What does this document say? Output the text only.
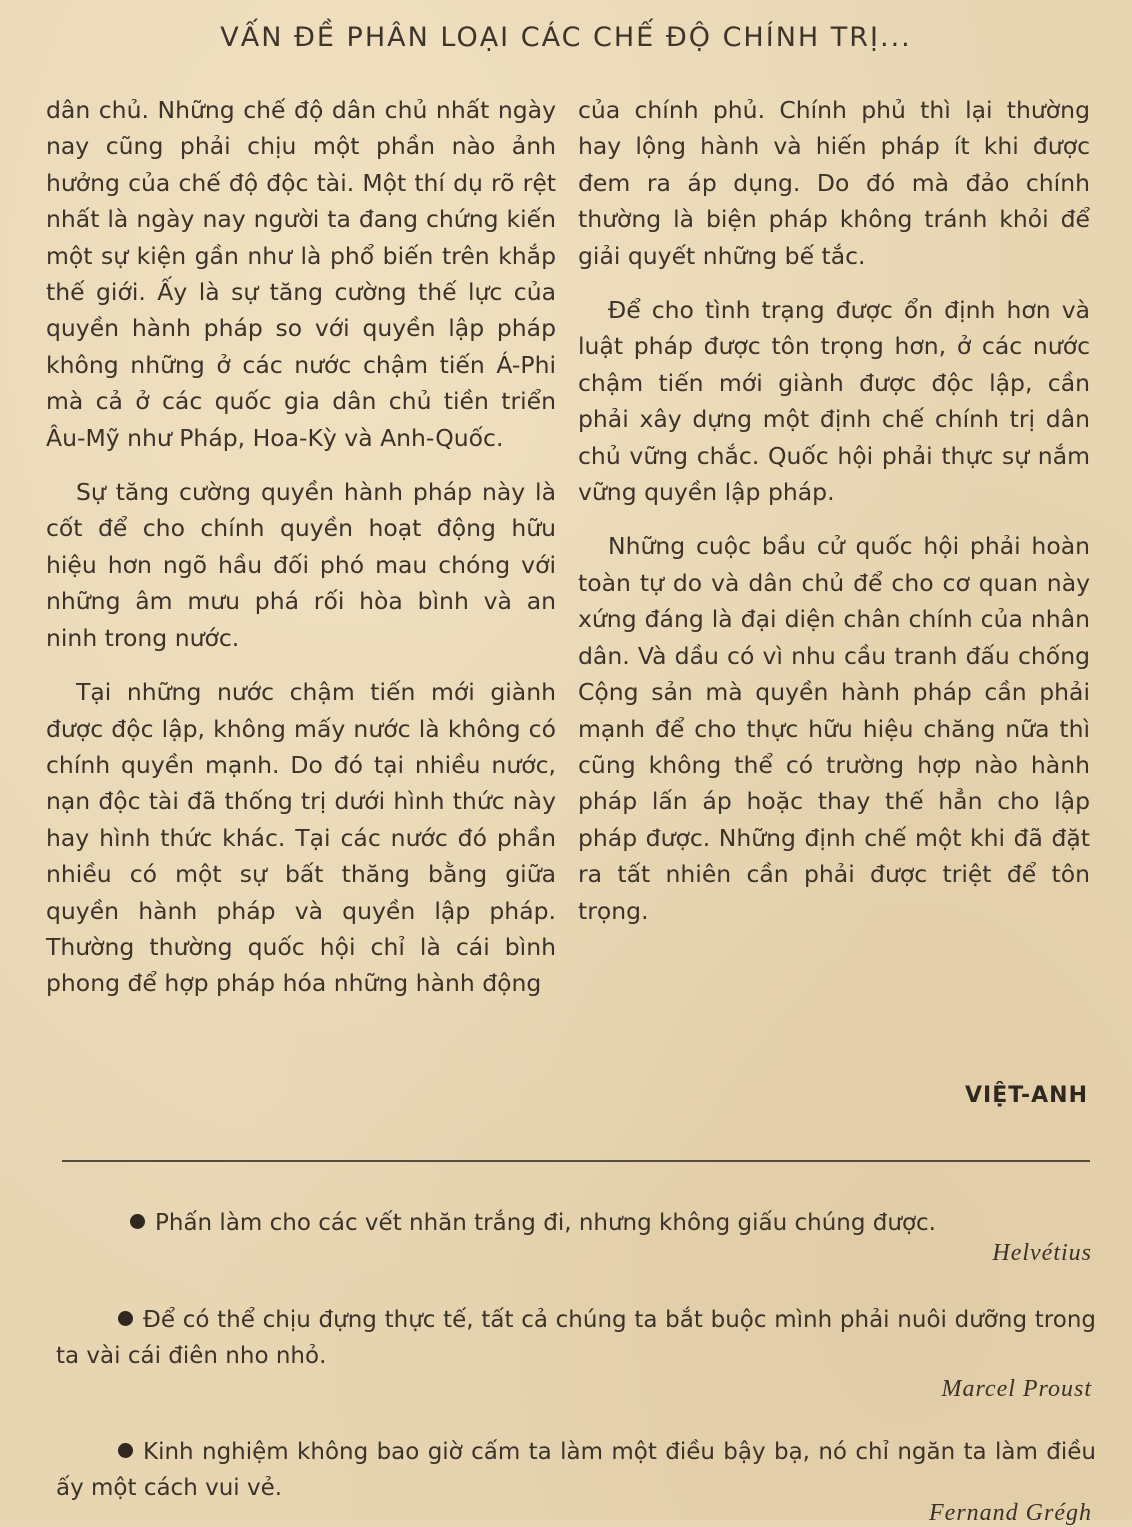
VẤN ĐỀ PHÂN LOẠI CÁC CHẾ ĐỘ CHÍNH TRỊ...

dân chủ. Những chế độ dân chủ nhất ngày nay cũng phải chịu một phần nào ảnh hưởng của chế độ độc tài. Một thí dụ rõ rệt nhất là ngày nay người ta đang chứng kiến một sự kiện gần như là phổ biến trên khắp thế giới. Ấy là sự tăng cường thế lực của quyền hành pháp so với quyền lập pháp không những ở các nước chậm tiến Á-Phi mà cả ở các quốc gia dân chủ tiền triển Âu-Mỹ như Pháp, Hoa-Kỳ và Anh-Quốc.

Sự tăng cường quyền hành pháp này là cốt để cho chính quyền hoạt động hữu hiệu hơn ngõ hầu đối phó mau chóng với những âm mưu phá rối hòa bình và an ninh trong nước.

Tại những nước chậm tiến mới giành được độc lập, không mấy nước là không có chính quyền mạnh. Do đó tại nhiều nước, nạn độc tài đã thống trị dưới hình thức này hay hình thức khác. Tại các nước đó phần nhiều có một sự bất thăng bằng giữa quyền hành pháp và quyền lập pháp. Thường thường quốc hội chỉ là cái bình phong để hợp pháp hóa những hành động

của chính phủ. Chính phủ thì lại thường hay lộng hành và hiến pháp ít khi được đem ra áp dụng. Do đó mà đảo chính thường là biện pháp không tránh khỏi để giải quyết những bế tắc.

Để cho tình trạng được ổn định hơn và luật pháp được tôn trọng hơn, ở các nước chậm tiến mới giành được độc lập, cần phải xây dựng một định chế chính trị dân chủ vững chắc. Quốc hội phải thực sự nắm vững quyền lập pháp.

Những cuộc bầu cử quốc hội phải hoàn toàn tự do và dân chủ để cho cơ quan này xứng đáng là đại diện chân chính của nhân dân. Và dầu có vì nhu cầu tranh đấu chống Cộng sản mà quyền hành pháp cần phải mạnh để cho thực hữu hiệu chăng nữa thì cũng không thể có trường hợp nào hành pháp lấn áp hoặc thay thế hẳn cho lập pháp được. Những định chế một khi đã đặt ra tất nhiên cần phải được triệt để tôn trọng.

VIỆT-ANH
Phấn làm cho các vết nhăn trắng đi, nhưng không giấu chúng được.
Helvétius
Để có thể chịu đựng thực tế, tất cả chúng ta bắt buộc mình phải nuôi dưỡng trong ta vài cái điên nho nhỏ.
Marcel Proust
Kinh nghiệm không bao giờ cấm ta làm một điều bậy bạ, nó chỉ ngăn ta làm điều ấy một cách vui vẻ.
Fernand Grégh
